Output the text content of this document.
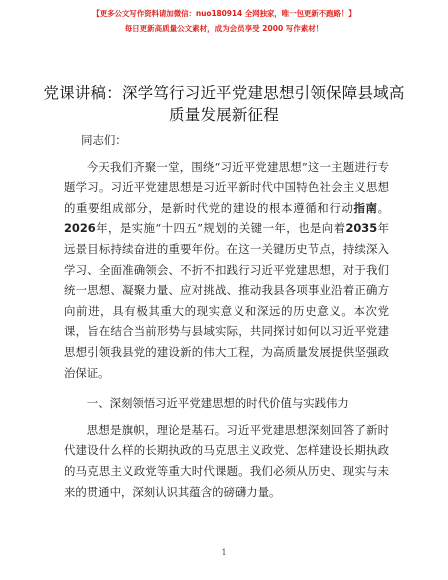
【更多公文写作资料请加微信：nuo180914 全网独家，唯一包更新不跑路！】
每日更新高质量公文素材，成为会员享受 2000 写作素材！
党课讲稿：深学笃行习近平党建思想引领保障县域高质量发展新征程

同志们：

今天我们齐聚一堂，围绕“习近平党建思想”这一主题进行专题学习。习近平党建思想是习近平新时代中国特色社会主义思想的重要组成部分，是新时代党的建设的根本遵循和行动指南。2026年，是实施“十四五”规划的关键一年，也是向着2035年远景目标持续奋进的重要年份。在这一关键历史节点，持续深入学习、全面准确领会、不折不扣践行习近平党建思想，对于我们统一思想、凝聚力量、应对挑战、推动我县各项事业沿着正确方向前进，具有极其重大的现实意义和深远的历史意义。本次党课，旨在结合当前形势与县域实际，共同探讨如何以习近平党建思想引领我县党的建设新的伟大工程，为高质量发展提供坚强政治保证。

一、深刻领悟习近平党建思想的时代价值与实践伟力

思想是旗帜，理论是基石。习近平党建思想深刻回答了新时代建设什么样的长期执政的马克思主义政党、怎样建设长期执政的马克思主义政党等重大时代课题。我们必须从历史、现实与未来的贯通中，深刻认识其蕴含的磅礴力量。

1
